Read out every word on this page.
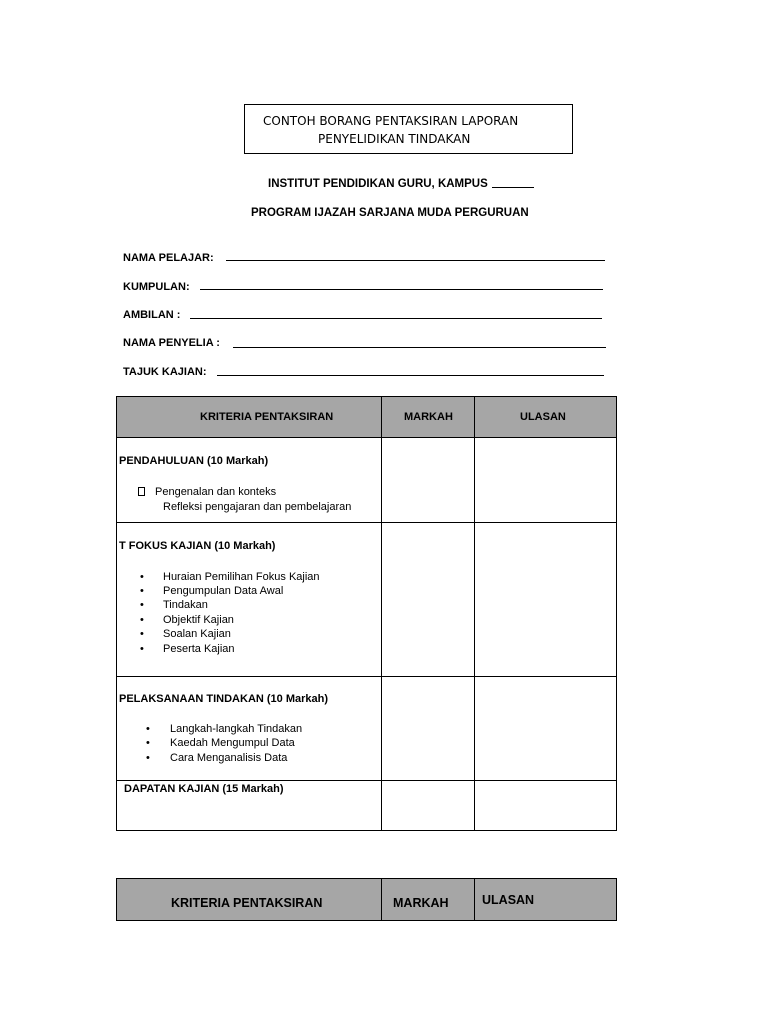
CONTOH BORANG PENTAKSIRAN LAPORAN
PENYELIDIKAN TINDAKAN
INSTITUT PENDIDIKAN GURU, KAMPUS
PROGRAM IJAZAH SARJANA MUDA PERGURUAN
NAMA PELAJAR:
KUMPULAN:
AMBILAN :
NAMA PENYELIA :
TAJUK KAJIAN:
KRITERIA PENTAKSIRAN	MARKAH	ULASAN
PENDAHULUAN (10 Markah)
Pengenalan dan konteks
Refleksi pengajaran dan pembelajaran
T FOKUS KAJIAN (10 Markah)
• Huraian Pemilihan Fokus Kajian
• Pengumpulan Data Awal
• Tindakan
• Objektif Kajian
• Soalan Kajian
• Peserta Kajian
PELAKSANAAN TINDAKAN (10 Markah)
• Langkah-langkah Tindakan
• Kaedah Mengumpul Data
• Cara Menganalisis Data
DAPATAN KAJIAN (15 Markah)
KRITERIA PENTAKSIRAN	MARKAH	ULASAN
